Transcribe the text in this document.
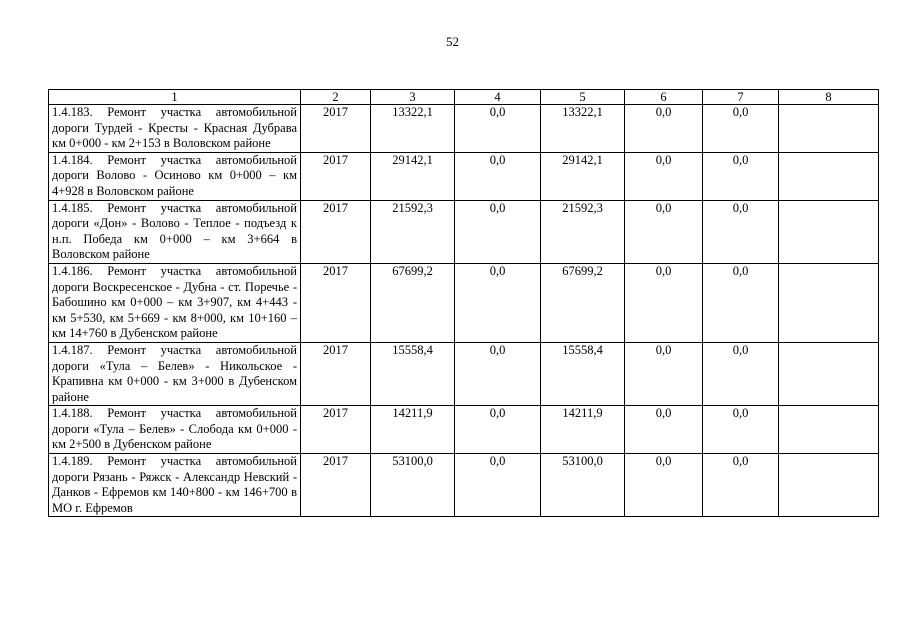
52
1	2	3	4	5	6	7	8
1.4.183. Ремонт участка автомобильной дороги Турдей - Кресты - Красная Дубрава км 0+000 - км 2+153 в Воловском районе	2017	13322,1	0,0	13322,1	0,0	0,0	
1.4.184. Ремонт участка автомобильной дороги Волово - Осиново км 0+000 – км 4+928 в Воловском районе	2017	29142,1	0,0	29142,1	0,0	0,0	
1.4.185. Ремонт участка автомобильной дороги «Дон» - Волово - Теплое - подъезд к н.п. Победа км 0+000 – км 3+664 в Воловском районе	2017	21592,3	0,0	21592,3	0,0	0,0	
1.4.186. Ремонт участка автомобильной дороги Воскресенское - Дубна - ст. Поречье - Бабошино км 0+000 – км 3+907, км 4+443 - км 5+530, км 5+669 - км 8+000, км 10+160 – км 14+760 в Дубенском районе	2017	67699,2	0,0	67699,2	0,0	0,0	
1.4.187. Ремонт участка автомобильной дороги «Тула – Белев» - Никольское - Крапивна км 0+000 - км 3+000 в Дубенском районе	2017	15558,4	0,0	15558,4	0,0	0,0	
1.4.188. Ремонт участка автомобильной дороги «Тула – Белев» - Слобода км 0+000 - км 2+500 в Дубенском районе	2017	14211,9	0,0	14211,9	0,0	0,0	
1.4.189. Ремонт участка автомобильной дороги Рязань - Ряжск - Александр Невский - Данков - Ефремов км 140+800 - км 146+700 в МО г. Ефремов	2017	53100,0	0,0	53100,0	0,0	0,0	
